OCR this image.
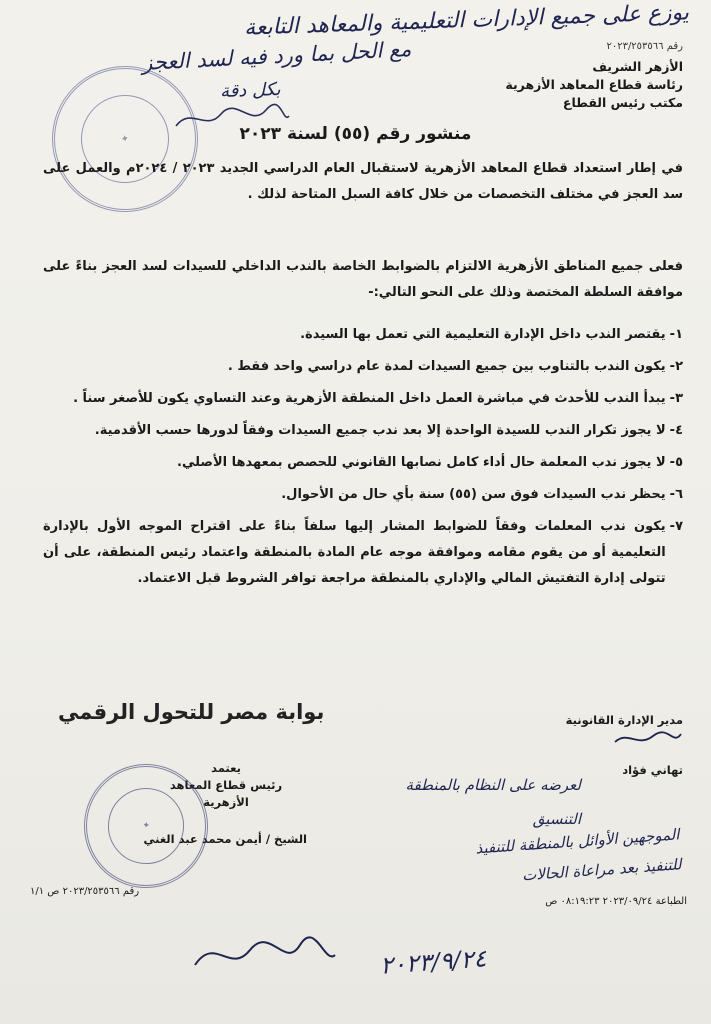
يوزع على جميع الإدارات التعليمية والمعاهد التابعة
مع الحل بما ورد فيه لسد العجز
بكل دقة
رقم ٢٠٢٣/٢٥٣٥٦٦
الأزهر الشريف
رئاسة قطاع المعاهد الأزهرية
مكتب رئيس القطاع
✦	منشور رقم (٥٥) لسنة ٢٠٢٣
في إطار استعداد قطاع المعاهد الأزهرية لاستقبال العام الدراسي الجديد ٢٠٢٣ / ٢٠٢٤م والعمل على سد العجز في مختلف التخصصات من خلال كافة السبل المتاحة لذلك .
فعلى جميع المناطق الأزهرية الالتزام بالضوابط الخاصة بالندب الداخلي للسيدات لسد العجز بناءً على موافقة السلطة المختصة وذلك على النحو التالي:-
١-
يقتصر الندب داخل الإدارة التعليمية التي تعمل بها السيدة.
٢-
يكون الندب بالتناوب بين جميع السيدات لمدة عام دراسي واحد فقط .
٣-
يبدأ الندب للأحدث في مباشرة العمل داخل المنطقة الأزهرية وعند التساوي يكون للأصغر سناً .
٤-
لا يجوز تكرار الندب للسيدة الواحدة إلا بعد ندب جميع السيدات وفقاً لدورها حسب الأقدمية.
٥-
لا يجوز ندب المعلمة حال أداء كامل نصابها القانوني للحصص بمعهدها الأصلي.
٦-
يحظر ندب السيدات فوق سن (٥٥) سنة بأي حال من الأحوال.
٧-
يكون ندب المعلمات وفقاً للضوابط المشار إليها سلفاً بناءً على اقتراح الموجه الأول بالإدارة التعليمية أو من يقوم مقامه وموافقة موجه عام المادة بالمنطقة واعتماد رئيس المنطقة، على أن تتولى إدارة التفتيش المالي والإداري بالمنطقة مراجعة توافر الشروط قبل الاعتماد.
بوابة مصر للتحول الرقمي	مدير الإدارة القانونية
تهاني فؤاد
يعتمد
رئيس قطاع المعاهد الأزهرية
الشيخ / أيمن محمد عبد الغني
✦
لعرضه على النظام بالمنطقة
التنسيق
الموجهين الأوائل بالمنطقة للتنفيذ
للتنفيذ بعد مراعاة الحالات
رقم ٢٠٢٣/٢٥٣٥٦٦ ص ١/١
الطباعة ٢٠٢٣/٠٩/٢٤ ٠٨:١٩:٢٣ ص
٢٠٢٣/٩/٢٤
